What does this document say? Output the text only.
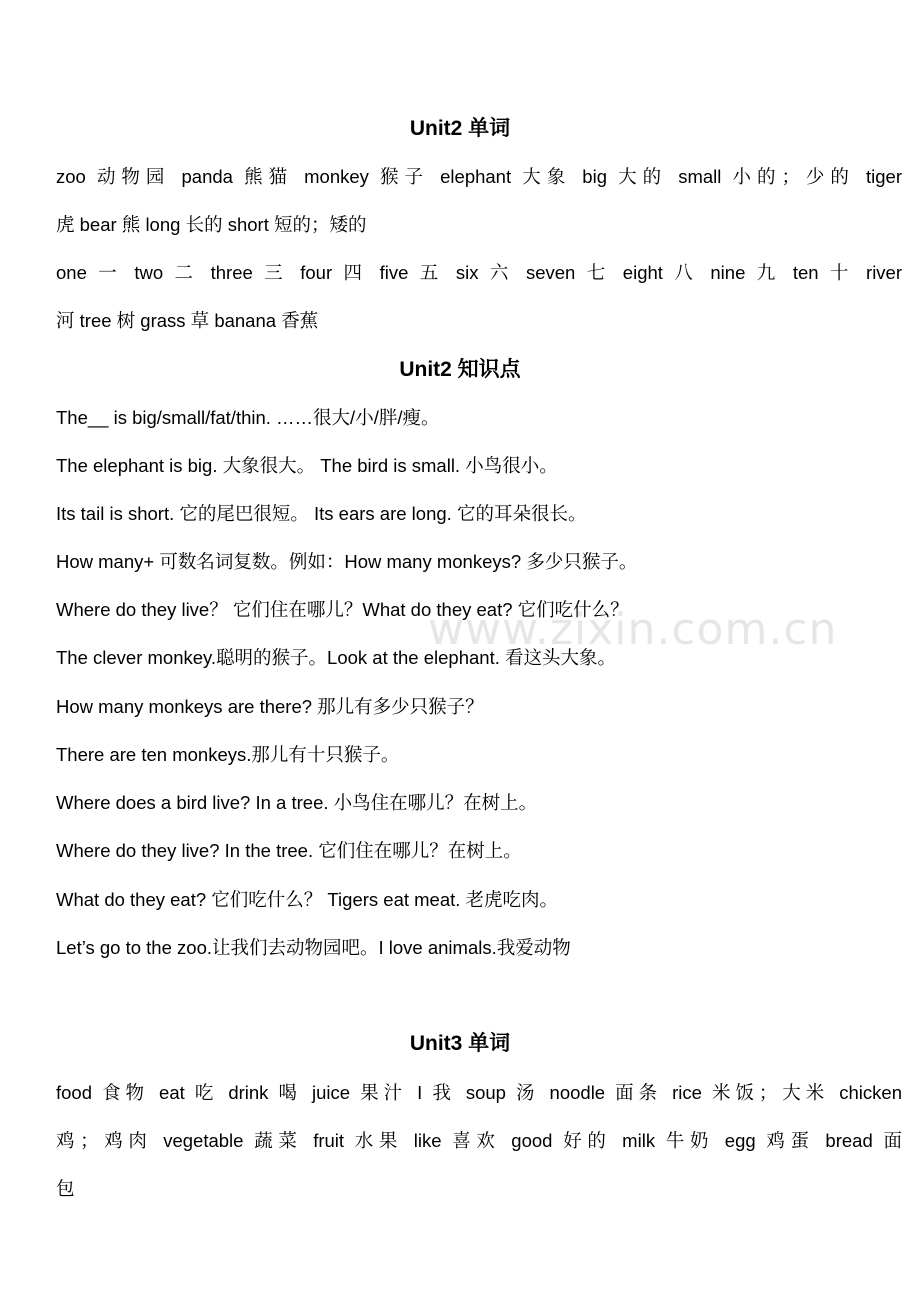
www.zixin.com.cn
Unit2 单词
zoo 动物园 panda 熊猫 monkey 猴子 elephant 大象 big 大的 small 小的；少的 tiger
虎 bear 熊 long 长的 short 短的；矮的
one 一 two 二 three 三 four 四 five 五 six 六 seven 七 eight 八 nine 九 ten 十 river
河 tree 树 grass 草 banana 香蕉
Unit2 知识点
The__ is big/small/fat/thin. ……很大/小/胖/瘦。
The elephant is big. 大象很大。 The bird is small. 小鸟很小。
Its tail is short. 它的尾巴很短。 Its ears are long. 它的耳朵很长。
How many+ 可数名词复数。例如：How many monkeys? 多少只猴子。
Where do they live？ 它们住在哪儿？What do they eat? 它们吃什么？
The clever monkey.聪明的猴子。Look at the elephant. 看这头大象。
How many monkeys are there? 那儿有多少只猴子？
There are ten monkeys.那儿有十只猴子。
Where does a bird live? In a tree. 小鸟住在哪儿？在树上。
Where do they live? In the tree. 它们住在哪儿？在树上。
What do they eat? 它们吃什么？ Tigers eat meat. 老虎吃肉。
Let’s go to the zoo.让我们去动物园吧。I love animals.我爱动物
Unit3 单词
food 食物 eat 吃 drink 喝 juice 果汁 I 我 soup 汤 noodle 面条 rice 米饭；大米 chicken
鸡；鸡肉 vegetable 蔬菜 fruit 水果 like 喜欢 good 好的 milk 牛奶 egg 鸡蛋 bread 面
包
